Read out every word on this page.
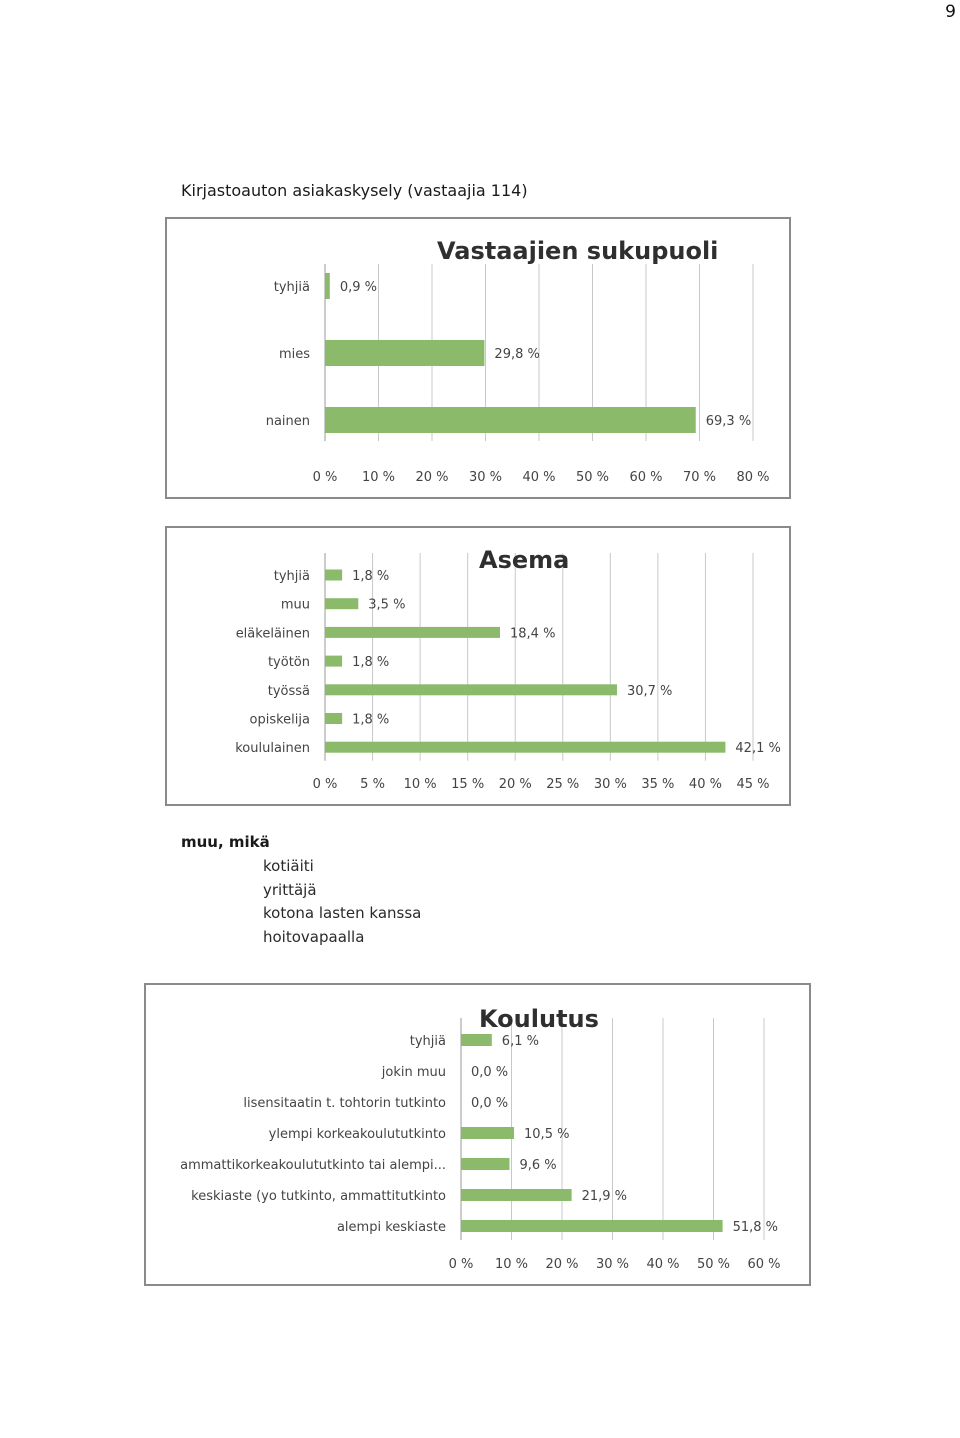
9
Kirjastoauton asiakaskysely (vastaajia 114)
0 % 10 % 20 % 30 % 40 % 50 % 60 % 70 % 80 %
Vastaajien sukupuoli
tyhjiä 0,9 %
mies	29,8 %
nainen	69,3 %
0 % 5 % 10 % 15 % 20 % 25 % 30 % 35 % 40 % 45 %
Asema
tyhjiä	1,8 %
muu	3,5 %
eläkeläinen	18,4 %
työtön	1,8 %
työssä	30,7 %
opiskelija	1,8 %
koululainen	42,1 %
muu, mikä
kotiäiti
yrittäjä
kotona lasten kanssa
hoitovapaalla
0 % 10 % 20 % 30 % 40 % 50 % 60 %
Koulutus
tyhjiä	6,1 %
jokin muu 0,0 %
lisensitaatin t. tohtorin tutkinto 0,0 %
ylempi korkeakoulututkinto	10,5 %
ammattikorkeakoulututkinto tai alempi...	9,6 %
keskiaste (yo tutkinto, ammattitutkinto	21,9 %
alempi keskiaste	51,8 %
